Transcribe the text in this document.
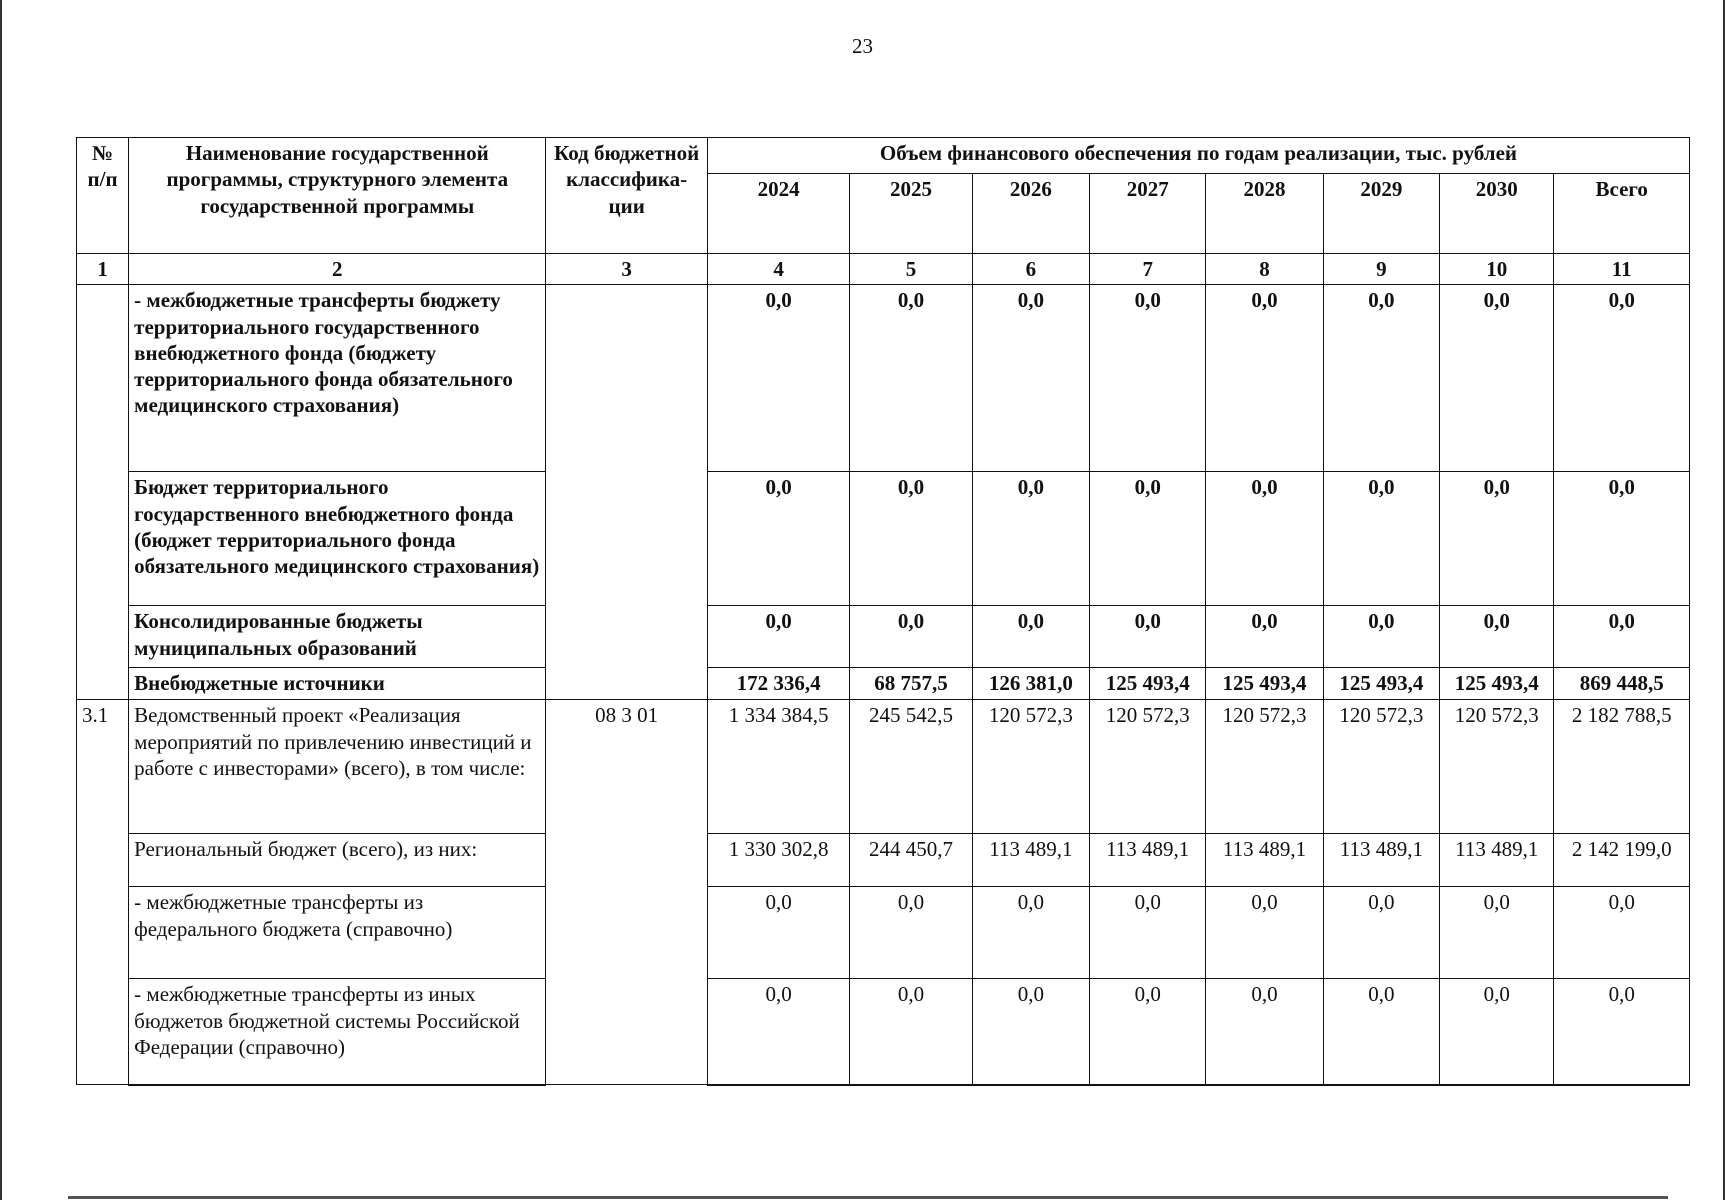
23
№ п/п	Наименование государственной программы, структурного элемента государственной программы	Код бюджетной классифика-ции	Объем финансового обеспечения по годам реализации, тыс. рублей							
			2024	2025	2026	2027	2028	2029	2030	Всего
1	2	3	4	5	6	7	8	9	10	11
	- межбюджетные трансферты бюджету территориального государственного внебюджетного фонда (бюджету территориального фонда обязательного медицинского страхования)		0,0	0,0	0,0	0,0	0,0	0,0	0,0	0,0
	Бюджет территориального государственного внебюджетного фонда (бюджет территориального фонда обязательного медицинского страхования)		0,0	0,0	0,0	0,0	0,0	0,0	0,0	0,0
	Консолидированные бюджеты муниципальных образований		0,0	0,0	0,0	0,0	0,0	0,0	0,0	0,0
	Внебюджетные источники		172 336,4	68 757,5	126 381,0	125 493,4	125 493,4	125 493,4	125 493,4	869 448,5
3.1	Ведомственный проект «Реализация мероприятий по привлечению инвестиций и работе с инвесторами» (всего), в том числе:	08 3 01	1 334 384,5	245 542,5	120 572,3	120 572,3	120 572,3	120 572,3	120 572,3	2 182 788,5
	Региональный бюджет (всего), из них:		1 330 302,8	244 450,7	113 489,1	113 489,1	113 489,1	113 489,1	113 489,1	2 142 199,0
	- межбюджетные трансферты из федерального бюджета (справочно)		0,0	0,0	0,0	0,0	0,0	0,0	0,0	0,0
	- межбюджетные трансферты из иных бюджетов бюджетной системы Российской Федерации (справочно)		0,0	0,0	0,0	0,0	0,0	0,0	0,0	0,0
